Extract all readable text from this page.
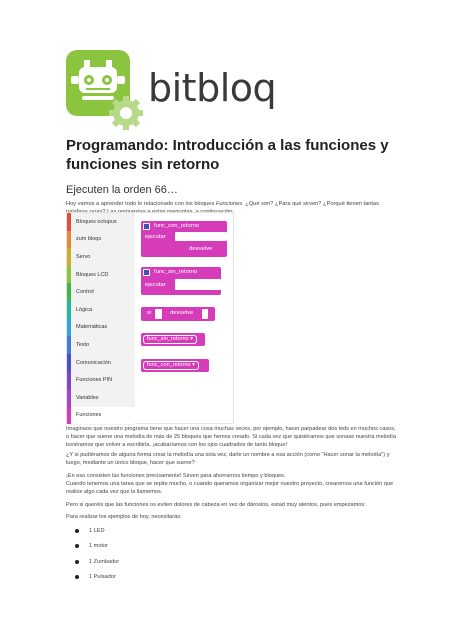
bitbloq
Programando: Introducción a las funciones y funciones sin retorno
Ejecuten la orden 66…
Hoy vamos a aprender todo lo relacionado con los bloques Funciones. ¿Qué son? ¿Para qué sirven? ¿Porqué tienen tantas
Bloques octopus
zum bloqs
Servo
Bloques LCD
Control
Lógica
Matemáticas
Texto
Comunicación
Funciones PIN
Variables
Funciones
func_con_retorno
ejecutar
devuelve
func_sin_retorno
ejecutar
si	devuelve
func_sin_retorno ▾
func_con_retorno ▾
Imaginaos que nuestro programa tiene que hacer una cosa muchas veces, por ejemplo, hacer parpadear dos leds en muchos casos, o hacer que suene una melodía de más de 25 bloques que hemos creado. Si cada vez que quisiéramos que sonase nuestra melodía tuviéramos que volver a escribirla, ¡acabaríamos con los ojos cuadrados de tanto bloque!
¿Y si pudiéramos de alguna forma crear la melodía una sola vez, darle un nombre a esa acción (como "Hacer sonar la melodía") y luego, mediante un único bloque, hacer que suene?
¡En eso consisten las funciones precisamente! Sirven para ahorrarnos tiempo y bloques.
Cuando tenemos una tarea que se repite mucho, o cuando queramos organizar mejor nuestro proyecto, crearemos una función que realice algo cada vez que la llamemos.
Pero si queréis que las funciones os eviten dolores de cabeza en vez de dároslos, estad muy atentos, pues empezamos:
Para realizar los ejemplos de hoy, necesitarás:
1 LED
1 motor
1 Zumbador
1 Pulsador
